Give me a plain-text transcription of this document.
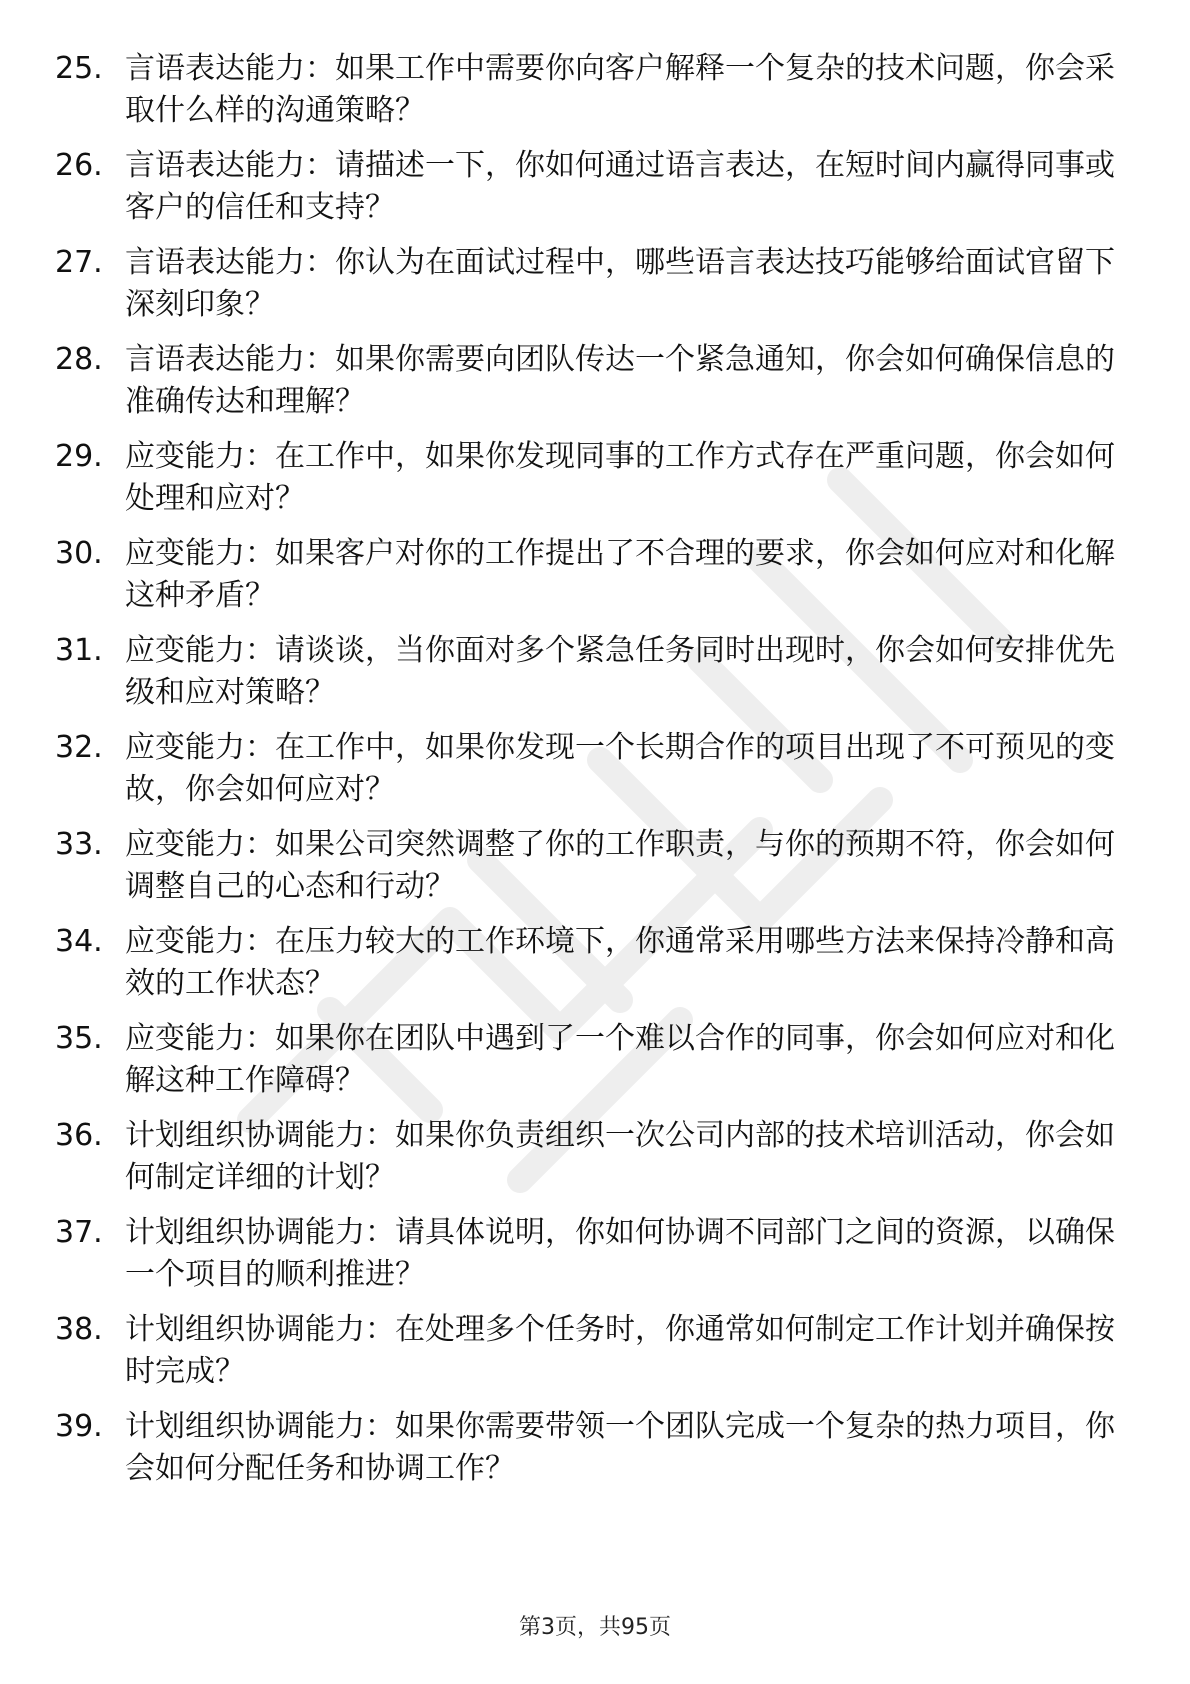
25. 言语表达能力：如果工作中需要你向客户解释一个复杂的技术问题，你会采取什么样的沟通策略？
26. 言语表达能力：请描述一下，你如何通过语言表达，在短时间内赢得同事或客户的信任和支持？
27. 言语表达能力：你认为在面试过程中，哪些语言表达技巧能够给面试官留下深刻印象？
28. 言语表达能力：如果你需要向团队传达一个紧急通知，你会如何确保信息的准确传达和理解？
29. 应变能力：在工作中，如果你发现同事的工作方式存在严重问题，你会如何处理和应对？
30. 应变能力：如果客户对你的工作提出了不合理的要求，你会如何应对和化解这种矛盾？
31. 应变能力：请谈谈，当你面对多个紧急任务同时出现时，你会如何安排优先级和应对策略？
32. 应变能力：在工作中，如果你发现一个长期合作的项目出现了不可预见的变故，你会如何应对？
33. 应变能力：如果公司突然调整了你的工作职责，与你的预期不符，你会如何调整自己的心态和行动？
34. 应变能力：在压力较大的工作环境下，你通常采用哪些方法来保持冷静和高效的工作状态？
35. 应变能力：如果你在团队中遇到了一个难以合作的同事，你会如何应对和化解这种工作障碍？
36. 计划组织协调能力：如果你负责组织一次公司内部的技术培训活动，你会如何制定详细的计划？
37. 计划组织协调能力：请具体说明，你如何协调不同部门之间的资源，以确保一个项目的顺利推进？
38. 计划组织协调能力：在处理多个任务时，你通常如何制定工作计划并确保按时完成？
39. 计划组织协调能力：如果你需要带领一个团队完成一个复杂的热力项目，你会如何分配任务和协调工作？
第3页，共95页
